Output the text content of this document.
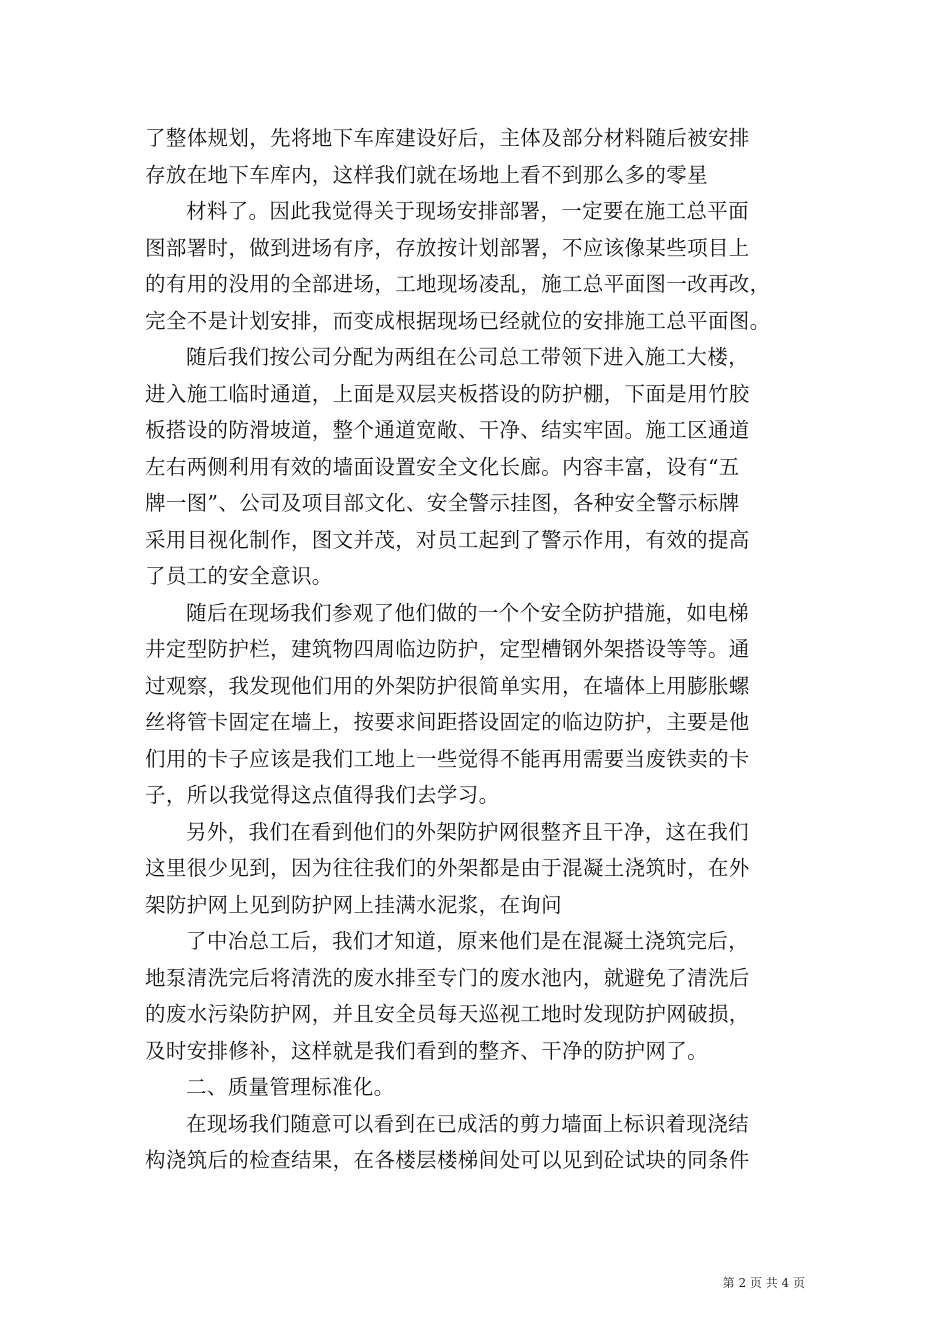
了整体规划，先将地下车库建设好后，主体及部分材料随后被安排
存放在地下车库内，这样我们就在场地上看不到那么多的零星
材料了。因此我觉得关于现场安排部署，一定要在施工总平面
图部署时，做到进场有序，存放按计划部署，不应该像某些项目上
的有用的没用的全部进场，工地现场凌乱，施工总平面图一改再改，
完全不是计划安排，而变成根据现场已经就位的安排施工总平面图。
随后我们按公司分配为两组在公司总工带领下进入施工大楼，
进入施工临时通道，上面是双层夹板搭设的防护棚，下面是用竹胶
板搭设的防滑坡道，整个通道宽敞、干净、结实牢固。施工区通道
左右两侧利用有效的墙面设置安全文化长廊。内容丰富，设有“五
牌一图”、公司及项目部文化、安全警示挂图，各种安全警示标牌
采用目视化制作，图文并茂，对员工起到了警示作用，有效的提高
了员工的安全意识。
随后在现场我们参观了他们做的一个个安全防护措施，如电梯
井定型防护栏，建筑物四周临边防护，定型槽钢外架搭设等等。通
过观察，我发现他们用的外架防护很简单实用，在墙体上用膨胀螺
丝将管卡固定在墙上，按要求间距搭设固定的临边防护，主要是他
们用的卡子应该是我们工地上一些觉得不能再用需要当废铁卖的卡
子，所以我觉得这点值得我们去学习。
另外，我们在看到他们的外架防护网很整齐且干净，这在我们
这里很少见到，因为往往我们的外架都是由于混凝土浇筑时，在外
架防护网上见到防护网上挂满水泥浆，在询问
了中冶总工后，我们才知道，原来他们是在混凝土浇筑完后，
地泵清洗完后将清洗的废水排至专门的废水池内，就避免了清洗后
的废水污染防护网，并且安全员每天巡视工地时发现防护网破损，
及时安排修补，这样就是我们看到的整齐、干净的防护网了。
二、质量管理标准化。
在现场我们随意可以看到在已成活的剪力墙面上标识着现浇结
构浇筑后的检查结果，在各楼层楼梯间处可以见到砼试块的同条件
第 2 页 共 4 页
